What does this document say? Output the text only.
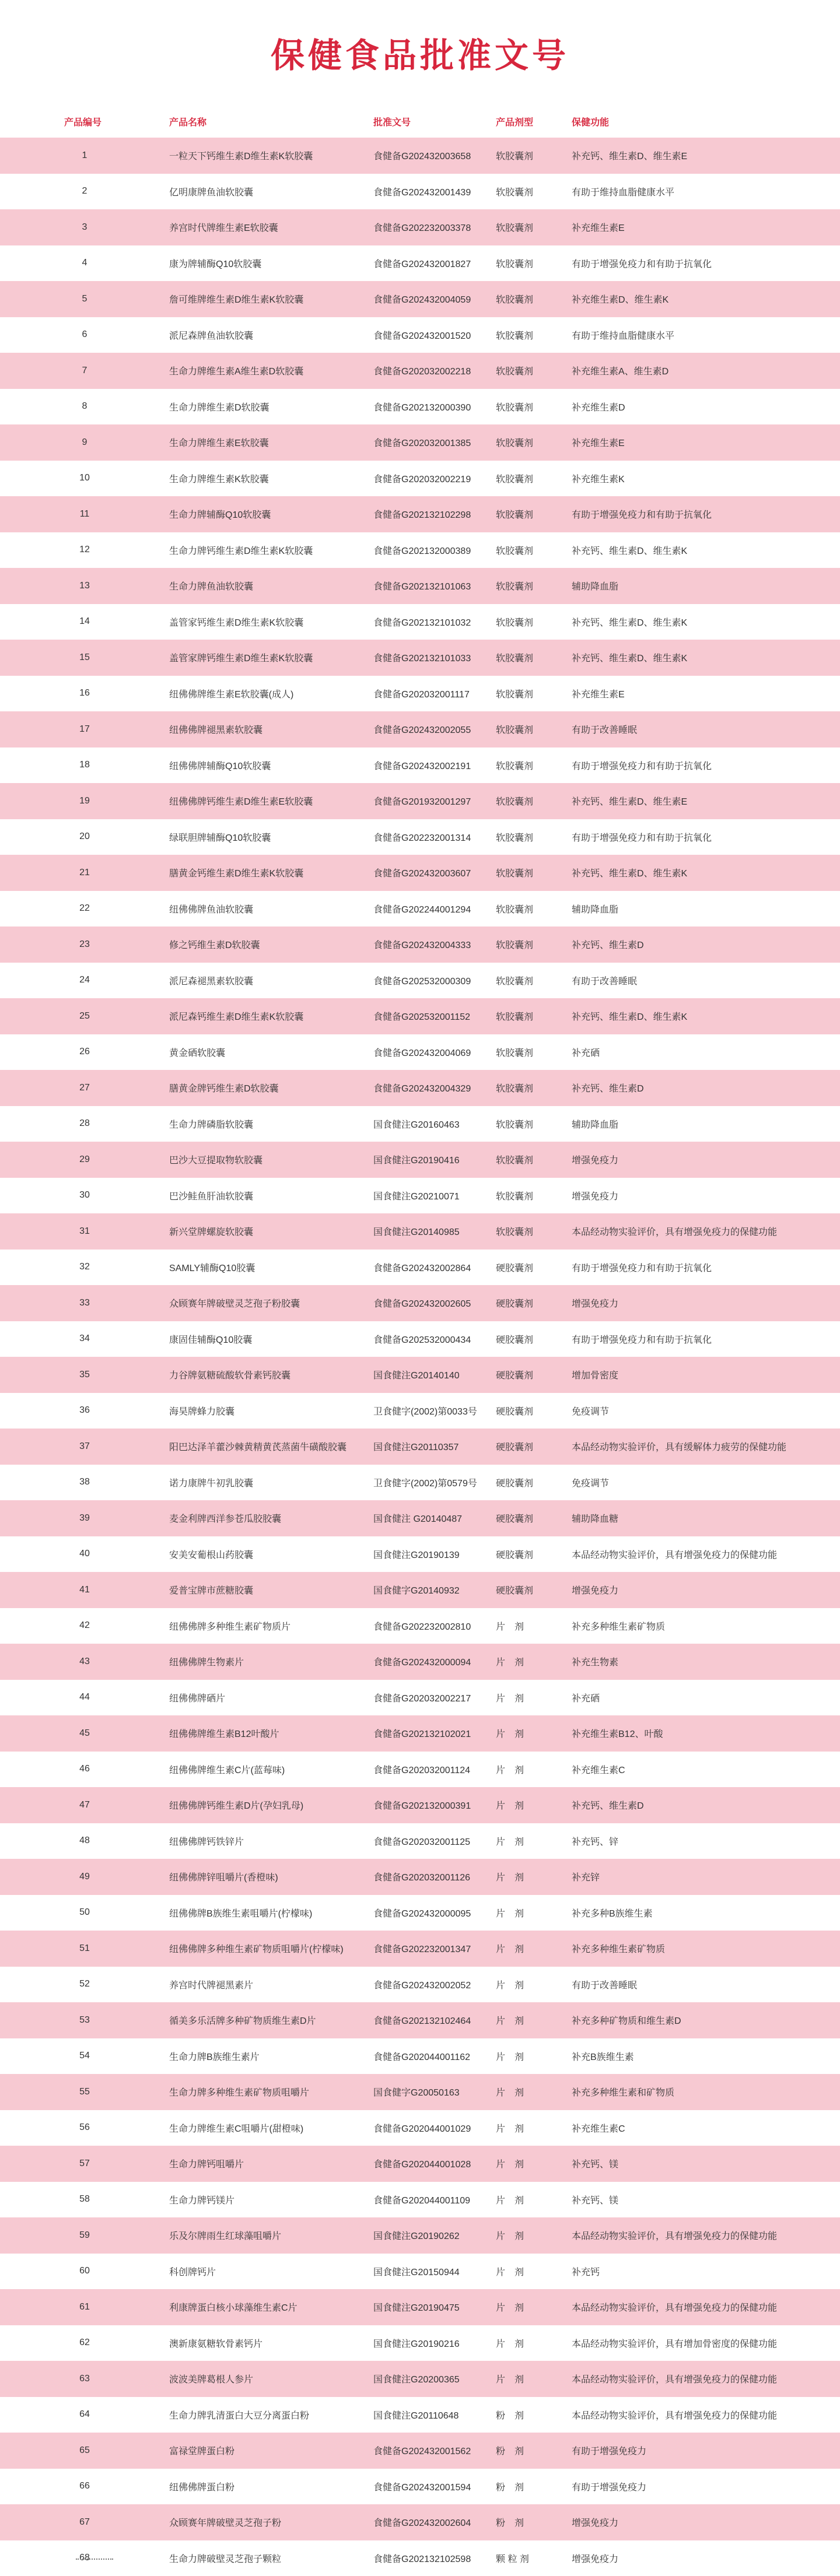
保健食品批准文号
产品编号	产品名称	批准文号	产品剂型	保健功能
1	一粒天下钙维生素D维生素K软胶囊	食健备G202432003658	软胶囊剂	补充钙、维生素D、维生素E
2	亿明康牌鱼油软胶囊	食健备G202432001439	软胶囊剂	有助于维持血脂健康水平
3	养宫时代牌维生素E软胶囊	食健备G202232003378	软胶囊剂	补充维生素E
4	康为牌辅酶Q10软胶囊	食健备G202432001827	软胶囊剂	有助于增强免疫力和有助于抗氧化
5	詹可维牌维生素D维生素K软胶囊	食健备G202432004059	软胶囊剂	补充维生素D、维生素K
6	派尼森牌鱼油软胶囊	食健备G202432001520	软胶囊剂	有助于维持血脂健康水平
7	生命力牌维生素A维生素D软胶囊	食健备G202032002218	软胶囊剂	补充维生素A、维生素D
8	生命力牌维生素D软胶囊	食健备G202132000390	软胶囊剂	补充维生素D
9	生命力牌维生素E软胶囊	食健备G202032001385	软胶囊剂	补充维生素E
10	生命力牌维生素K软胶囊	食健备G202032002219	软胶囊剂	补充维生素K
11	生命力牌辅酶Q10软胶囊	食健备G202132102298	软胶囊剂	有助于增强免疫力和有助于抗氧化
12	生命力牌钙维生素D维生素K软胶囊	食健备G202132000389	软胶囊剂	补充钙、维生素D、维生素K
13	生命力牌鱼油软胶囊	食健备G202132101063	软胶囊剂	辅助降血脂
14	盖管家钙维生素D维生素K软胶囊	食健备G202132101032	软胶囊剂	补充钙、维生素D、维生素K
15	盖管家牌钙维生素D维生素K软胶囊	食健备G202132101033	软胶囊剂	补充钙、维生素D、维生素K
16	纽佛佛牌维生素E软胶囊(成人)	食健备G202032001117	软胶囊剂	补充维生素E
17	纽佛佛牌褪黑素软胶囊	食健备G202432002055	软胶囊剂	有助于改善睡眠
18	纽佛佛牌辅酶Q10软胶囊	食健备G202432002191	软胶囊剂	有助于增强免疫力和有助于抗氧化
19	纽佛佛牌钙维生素D维生素E软胶囊	食健备G201932001297	软胶囊剂	补充钙、维生素D、维生素E
20	绿联胆牌辅酶Q10软胶囊	食健备G202232001314	软胶囊剂	有助于增强免疫力和有助于抗氧化
21	膳黄金钙维生素D维生素K软胶囊	食健备G202432003607	软胶囊剂	补充钙、维生素D、维生素K
22	纽佛佛牌鱼油软胶囊	食健备G202244001294	软胶囊剂	辅助降血脂
23	修之钙维生素D软胶囊	食健备G202432004333	软胶囊剂	补充钙、维生素D
24	派尼森褪黑素软胶囊	食健备G202532000309	软胶囊剂	有助于改善睡眠
25	派尼森钙维生素D维生素K软胶囊	食健备G202532001152	软胶囊剂	补充钙、维生素D、维生素K
26	黄金硒软胶囊	食健备G202432004069	软胶囊剂	补充硒
27	膳黄金牌钙维生素D软胶囊	食健备G202432004329	软胶囊剂	补充钙、维生素D
28	生命力牌磷脂软胶囊	国食健注G20160463	软胶囊剂	辅助降血脂
29	巴沙大豆提取物软胶囊	国食健注G20190416	软胶囊剂	增强免疫力
30	巴沙鲑鱼肝油软胶囊	国食健注G20210071	软胶囊剂	增强免疫力
31	新兴堂牌螺旋软胶囊	国食健注G20140985	软胶囊剂	本品经动物实验评价，具有增强免疫力的保健功能
32	SAMLY辅酶Q10胶囊	食健备G202432002864	硬胶囊剂	有助于增强免疫力和有助于抗氧化
33	众顾赛年牌破壁灵芝孢子粉胶囊	食健备G202432002605	硬胶囊剂	增强免疫力
34	康固佳辅酶Q10胶囊	食健备G202532000434	硬胶囊剂	有助于增强免疫力和有助于抗氧化
35	力谷牌氨糖硫酸软骨素钙胶囊	国食健注G20140140	硬胶囊剂	增加骨密度
36	海昊牌蜂力胶囊	卫食健字(2002)第0033号	硬胶囊剂	免疫调节
37	阳巴达泽羊藿沙棘黄精黄芪蒸菌牛磺酸胶囊	国食健注G20110357	硬胶囊剂	本品经动物实验评价，具有缓解体力疲劳的保健功能
38	诺力康牌牛初乳胶囊	卫食健字(2002)第0579号	硬胶囊剂	免疫调节
39	麦金利牌西洋参苍瓜胶胶囊	国食健注 G20140487	硬胶囊剂	辅助降血糖
40	安美安葡根山药胶囊	国食健注G20190139	硬胶囊剂	本品经动物实验评价，具有增强免疫力的保健功能
41	爱普宝牌市蔗糖胶囊	国食健字G20140932	硬胶囊剂	增强免疫力
42	纽佛佛牌多种维生素矿物质片	食健备G202232002810	片　剂	补充多种维生素矿物质
43	纽佛佛牌生物素片	食健备G202432000094	片　剂	补充生物素
44	纽佛佛牌硒片	食健备G202032002217	片　剂	补充硒
45	纽佛佛牌维生素B12叶酸片	食健备G202132102021	片　剂	补充维生素B12、叶酸
46	纽佛佛牌维生素C片(蓝莓味)	食健备G202032001124	片　剂	补充维生素C
47	纽佛佛牌钙维生素D片(孕妇乳母)	食健备G202132000391	片　剂	补充钙、维生素D
48	纽佛佛牌钙铁锌片	食健备G202032001125	片　剂	补充钙、锌
49	纽佛佛牌锌咀嚼片(香橙味)	食健备G202032001126	片　剂	补充锌
50	纽佛佛牌B族维生素咀嚼片(柠檬味)	食健备G202432000095	片　剂	补充多种B族维生素
51	纽佛佛牌多种维生素矿物质咀嚼片(柠檬味)	食健备G202232001347	片　剂	补充多种维生素矿物质
52	养宫时代牌褪黑素片	食健备G202432002052	片　剂	有助于改善睡眠
53	循美多乐活牌多种矿物质维生素D片	食健备G202132102464	片　剂	补充多种矿物质和维生素D
54	生命力牌B族维生素片	食健备G202044001162	片　剂	补充B族维生素
55	生命力牌多种维生素矿物质咀嚼片	国食健字G20050163	片　剂	补充多种维生素和矿物质
56	生命力牌维生素C咀嚼片(甜橙味)	食健备G202044001029	片　剂	补充维生素C
57	生命力牌钙咀嚼片	食健备G202044001028	片　剂	补充钙、镁
58	生命力牌钙镁片	食健备G202044001109	片　剂	补充钙、镁
59	乐及尔牌雨生红球藻咀嚼片	国食健注G20190262	片　剂	本品经动物实验评价，具有增强免疫力的保健功能
60	科创牌钙片	国食健注G20150944	片　剂	补充钙
61	利康牌蛋白核小球藻维生素C片	国食健注G20190475	片　剂	本品经动物实验评价，具有增强免疫力的保健功能
62	澳新康氨糖软骨素钙片	国食健注G20190216	片　剂	本品经动物实验评价，具有增加骨密度的保健功能
63	波波美牌葛根人参片	国食健注G20200365	片　剂	本品经动物实验评价，具有增强免疫力的保健功能
64	生命力牌乳清蛋白大豆分离蛋白粉	国食健注G20110648	粉　剂	本品经动物实验评价，具有增强免疫力的保健功能
65	富禄堂牌蛋白粉	食健备G202432001562	粉　剂	有助于增强免疫力
66	纽佛佛牌蛋白粉	食健备G202432001594	粉　剂	有助于增强免疫力
67	众顾赛年牌破壁灵芝孢子粉	食健备G202432002604	粉　剂	增强免疫力
68	生命力牌破壁灵芝孢子颗粒	食健备G202132102598	颗 粒 剂	增强免疫力
